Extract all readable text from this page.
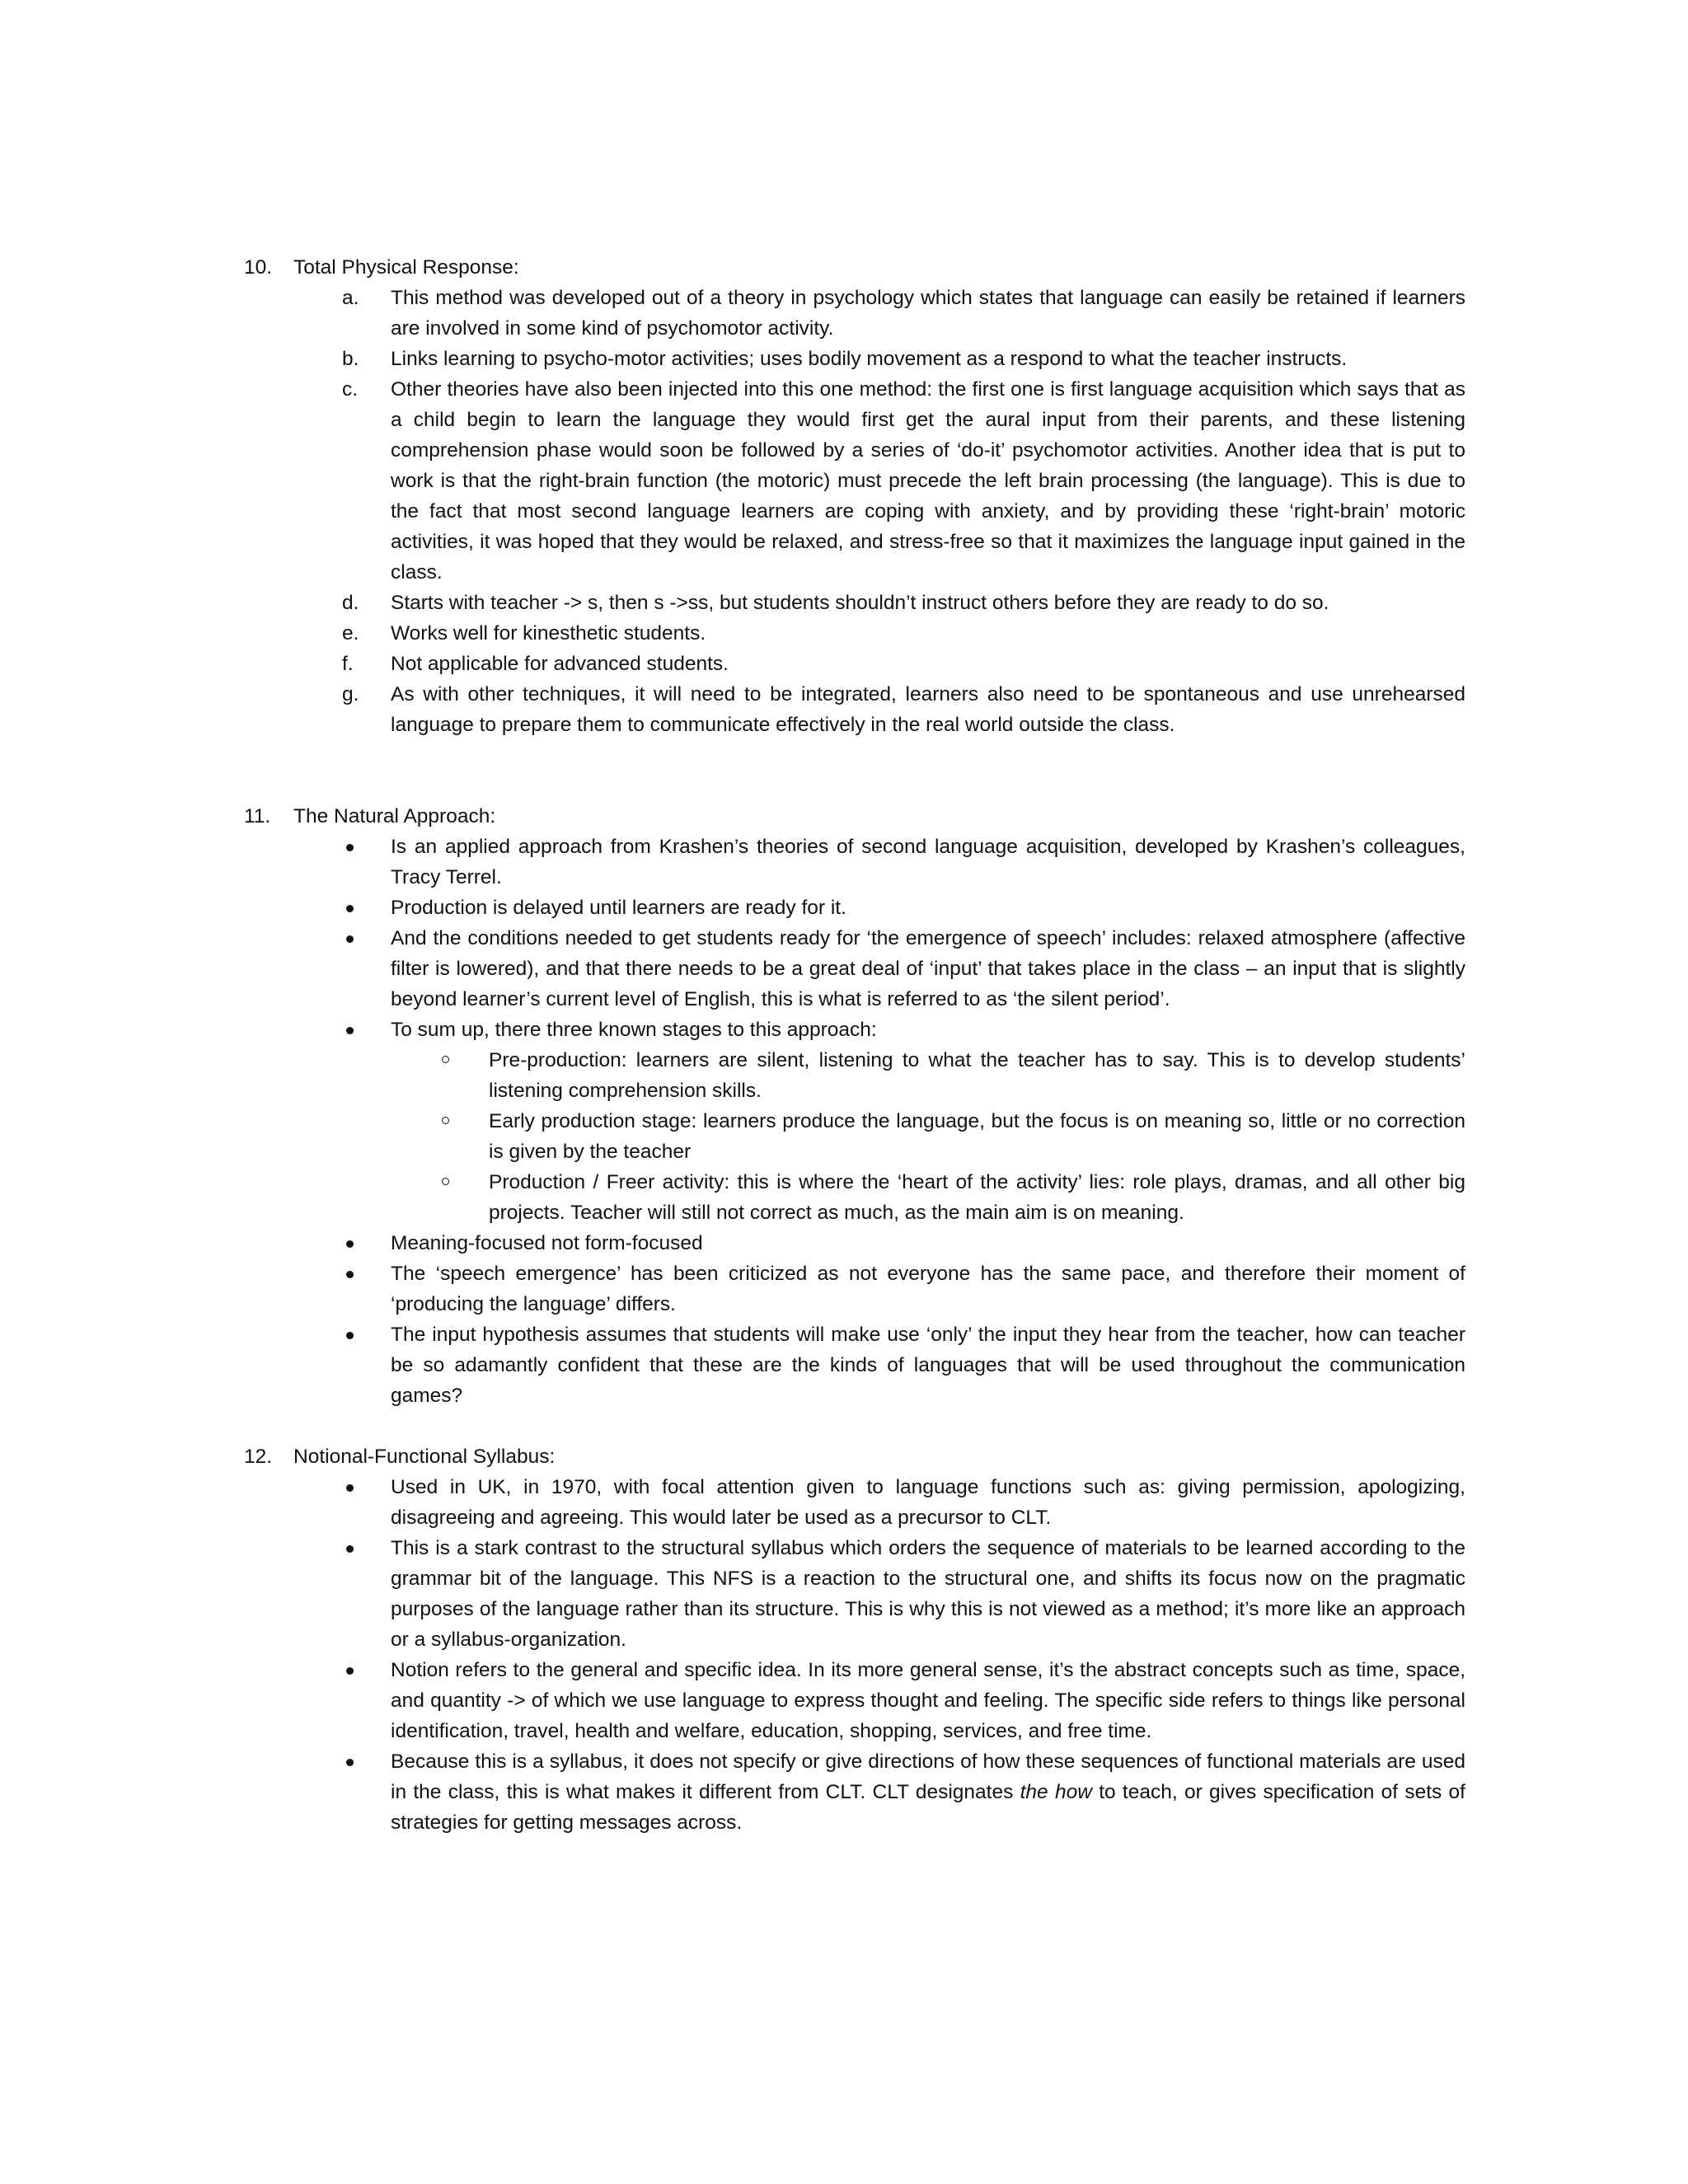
10. Total Physical Response:
a. This method was developed out of a theory in psychology which states that language can easily be retained if learners are involved in some kind of psychomotor activity.
b. Links learning to psycho-motor activities; uses bodily movement as a respond to what the teacher instructs.
c. Other theories have also been injected into this one method: the first one is first language acquisition which says that as a child begin to learn the language they would first get the aural input from their parents, and these listening comprehension phase would soon be followed by a series of ‘do-it’ psychomotor activities. Another idea that is put to work is that the right-brain function (the motoric) must precede the left brain processing (the language). This is due to the fact that most second language learners are coping with anxiety, and by providing these ‘right-brain’ motoric activities, it was hoped that they would be relaxed, and stress-free so that it maximizes the language input gained in the class.
d. Starts with teacher -> s, then s ->ss, but students shouldn’t instruct others before they are ready to do so.
e. Works well for kinesthetic students.
f. Not applicable for advanced students.
g. As with other techniques, it will need to be integrated, learners also need to be spontaneous and use unrehearsed language to prepare them to communicate effectively in the real world outside the class.
11. The Natural Approach:
Is an applied approach from Krashen’s theories of second language acquisition, developed by Krashen’s colleagues, Tracy Terrel.
Production is delayed until learners are ready for it.
And the conditions needed to get students ready for ‘the emergence of speech’ includes: relaxed atmosphere (affective filter is lowered), and that there needs to be a great deal of ‘input’ that takes place in the class – an input that is slightly beyond learner’s current level of English, this is what is referred to as ‘the silent period’.
To sum up, there three known stages to this approach:
Pre-production: learners are silent, listening to what the teacher has to say. This is to develop students’ listening comprehension skills.
Early production stage: learners produce the language, but the focus is on meaning so, little or no correction is given by the teacher
Production / Freer activity: this is where the ‘heart of the activity’ lies: role plays, dramas, and all other big projects. Teacher will still not correct as much, as the main aim is on meaning.
Meaning-focused not form-focused
The ‘speech emergence’ has been criticized as not everyone has the same pace, and therefore their moment of ‘producing the language’ differs.
The input hypothesis assumes that students will make use ‘only’ the input they hear from the teacher, how can teacher be so adamantly confident that these are the kinds of languages that will be used throughout the communication games?
12. Notional-Functional Syllabus:
Used in UK, in 1970, with focal attention given to language functions such as: giving permission, apologizing, disagreeing and agreeing. This would later be used as a precursor to CLT.
This is a stark contrast to the structural syllabus which orders the sequence of materials to be learned according to the grammar bit of the language. This NFS is a reaction to the structural one, and shifts its focus now on the pragmatic purposes of the language rather than its structure. This is why this is not viewed as a method; it’s more like an approach or a syllabus-organization.
Notion refers to the general and specific idea. In its more general sense, it’s the abstract concepts such as time, space, and quantity -> of which we use language to express thought and feeling. The specific side refers to things like personal identification, travel, health and welfare, education, shopping, services, and free time.
Because this is a syllabus, it does not specify or give directions of how these sequences of functional materials are used in the class, this is what makes it different from CLT. CLT designates the how to teach, or gives specification of sets of strategies for getting messages across.
